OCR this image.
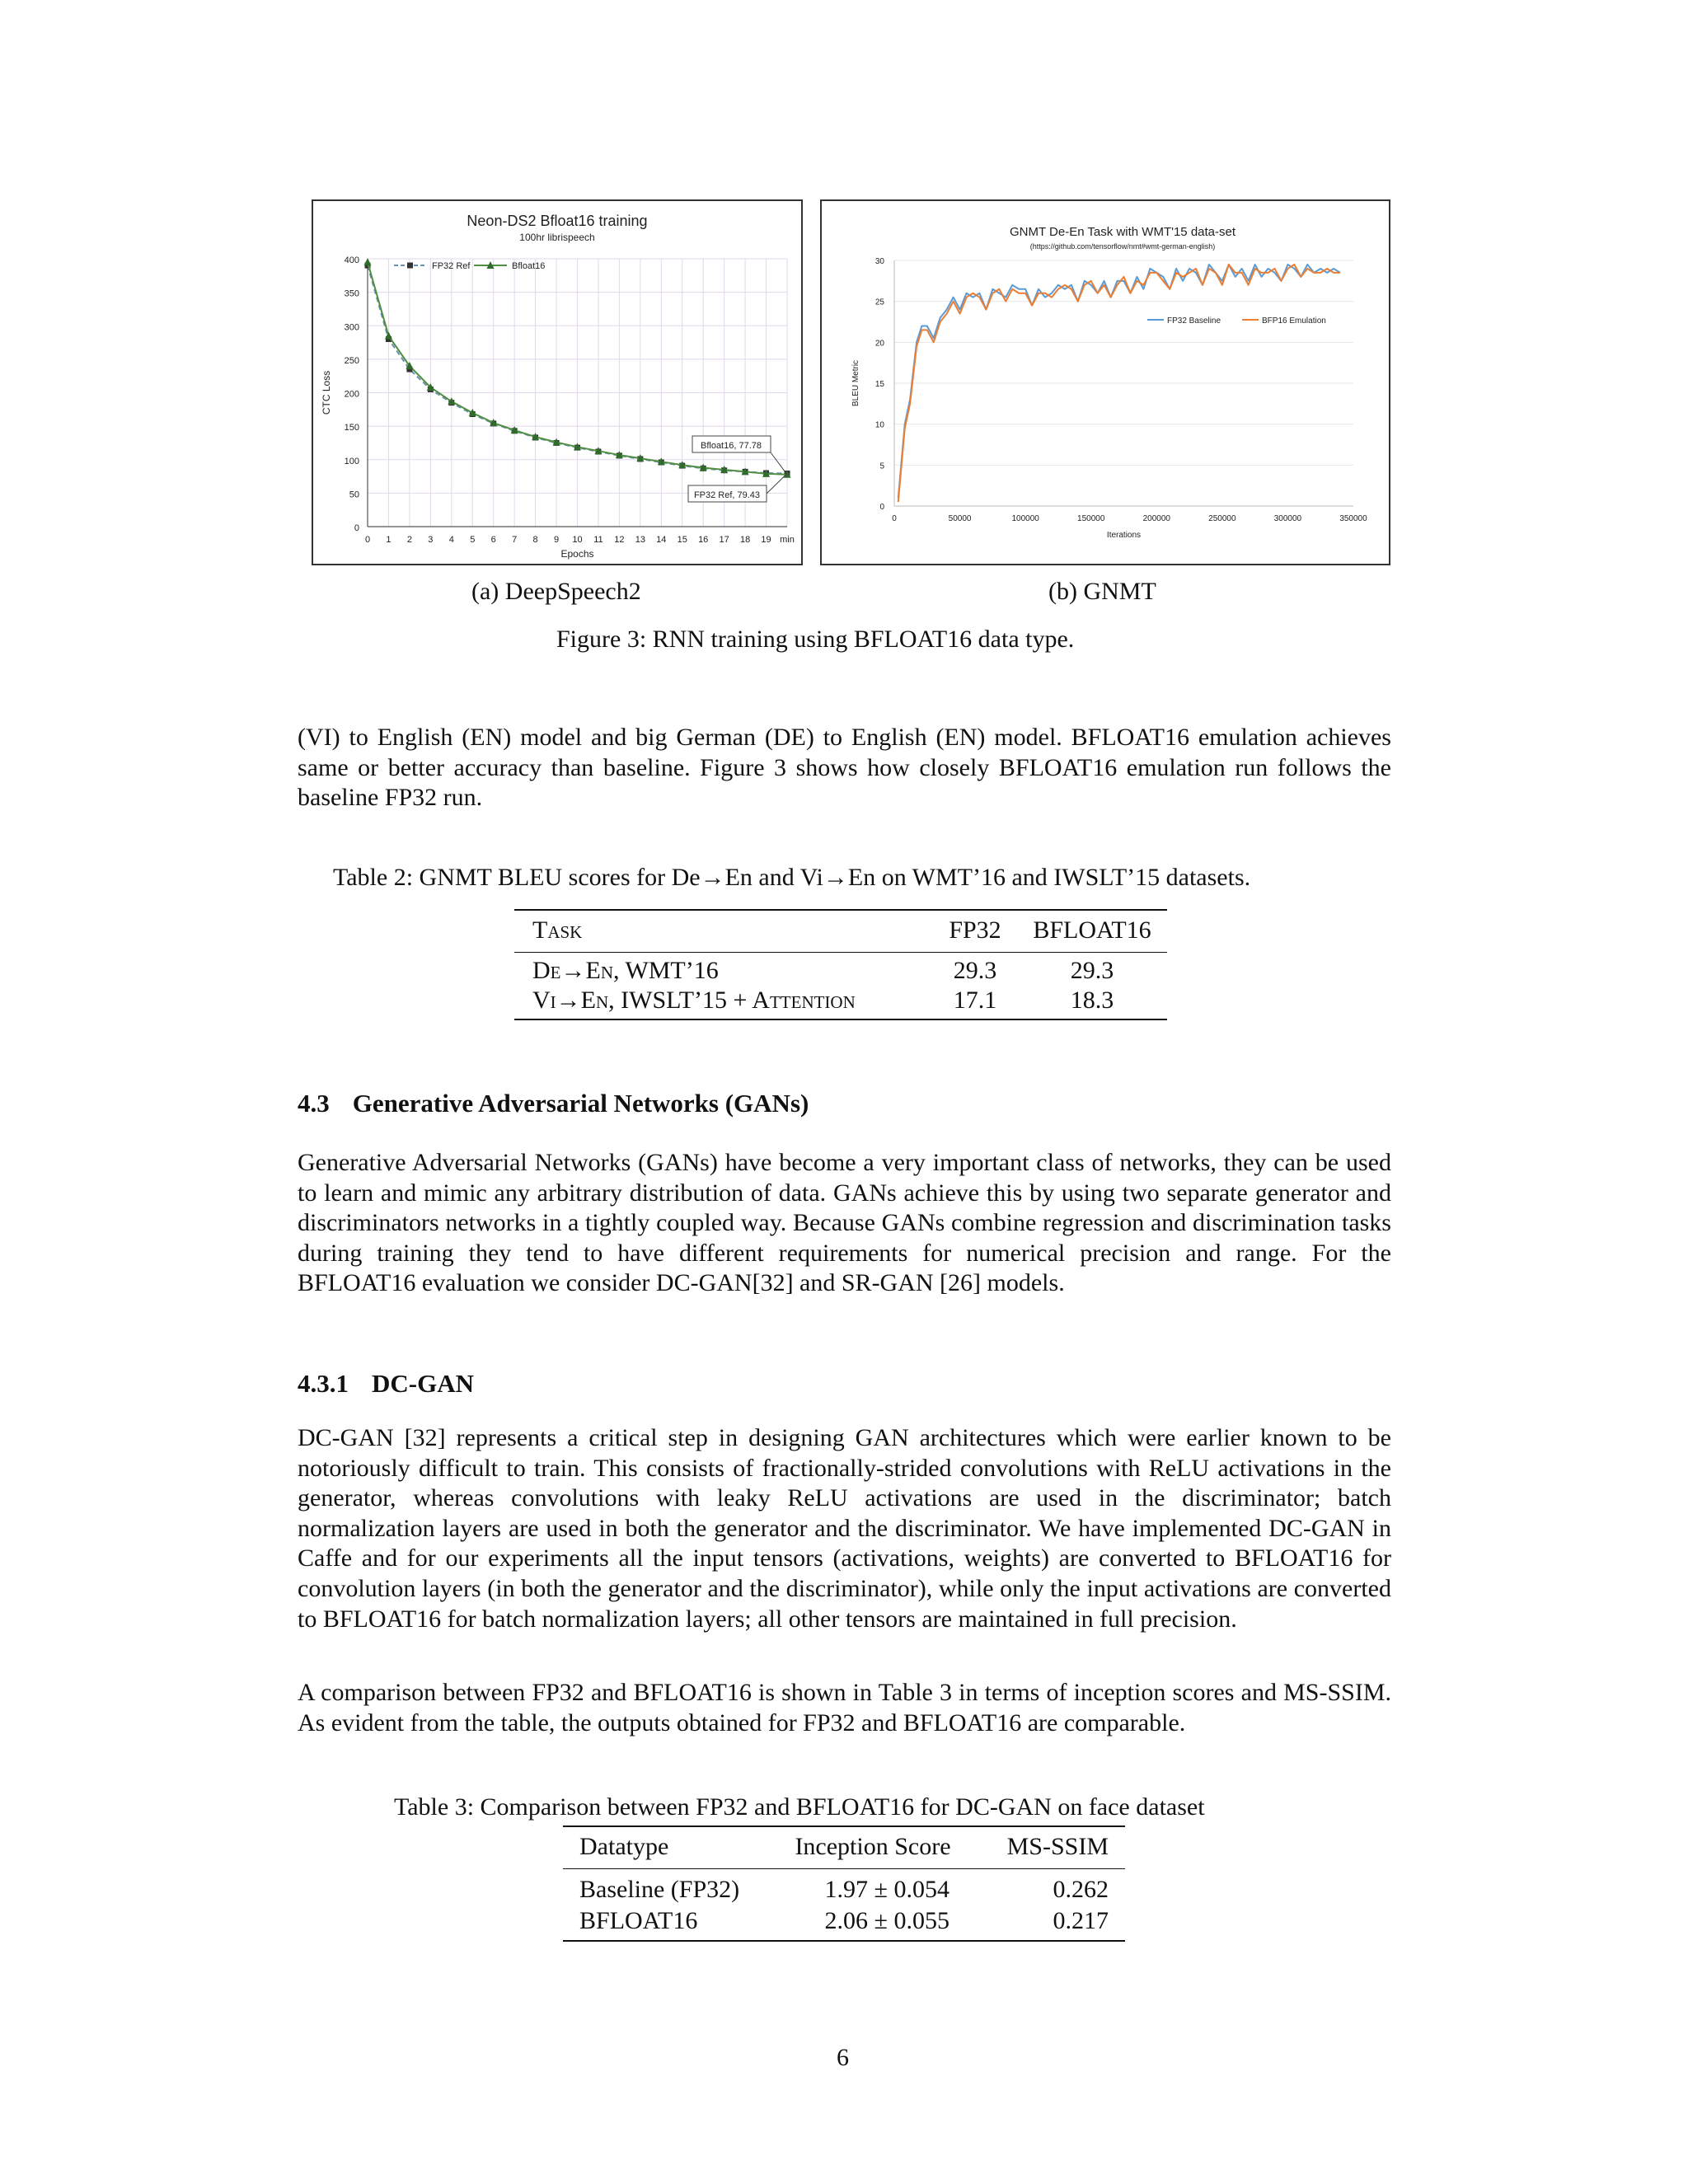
0
50
100
150
200
250
300
350
400
0 1 2 3 4 5 6 7 8 9 10 11 12 13 14 15 16 17 18 19 min
Neon-DS2 Bfloat16 training
100hr librispeech
Epochs
CTC Loss
FP32 Ref	Bfloat16
Bfloat16, 77.78
FP32 Ref, 79.43
0
5
10
15
20
25
30
0	50000	100000	150000	200000	250000	300000	350000
GNMT De-En Task with WMT'15 data-set
(https://github.com/tensorflow/nmt#wmt-german-english)
Iterations
BLEU Metric
FP32 Baseline	BFP16 Emulation
(a) DeepSpeech2	(b) GNMT
Figure 3: RNN training using BFLOAT16 data type.

(VI) to English (EN) model and big German (DE) to English (EN) model. BFLOAT16 emulation achieves same or better accuracy than baseline. Figure 3 shows how closely BFLOAT16 emulation run follows the baseline FP32 run.

Table 2: GNMT BLEU scores for De→En and Vi→En on WMT’16 and IWSLT’15 datasets.
Task	FP32	BFLOAT16
De→En, WMT’16	29.3	29.3
Vi→En, IWSLT’15 + Attention	17.1	18.3
4.3 Generative Adversarial Networks (GANs)

Generative Adversarial Networks (GANs) have become a very important class of networks, they can be used to learn and mimic any arbitrary distribution of data. GANs achieve this by using two separate generator and discriminators networks in a tightly coupled way. Because GANs combine regression and discrimination tasks during training they tend to have different requirements for numerical precision and range. For the BFLOAT16 evaluation we consider DC-GAN[32] and SR-GAN [26] models.

4.3.1 DC-GAN

DC-GAN [32] represents a critical step in designing GAN architectures which were earlier known to be notoriously difficult to train. This consists of fractionally-strided convolutions with ReLU activations in the generator, whereas convolutions with leaky ReLU activations are used in the discriminator; batch normalization layers are used in both the generator and the discriminator. We have implemented DC-GAN in Caffe and for our experiments all the input tensors (activations, weights) are converted to BFLOAT16 for convolution layers (in both the generator and the discriminator), while only the input activations are converted to BFLOAT16 for batch normalization layers; all other tensors are maintained in full precision.

A comparison between FP32 and BFLOAT16 is shown in Table 3 in terms of inception scores and MS-SSIM. As evident from the table, the outputs obtained for FP32 and BFLOAT16 are comparable.

Table 3: Comparison between FP32 and BFLOAT16 for DC-GAN on face dataset
Datatype	Inception Score	MS-SSIM
Baseline (FP32)	1.97 ± 0.054	0.262
BFLOAT16	2.06 ± 0.055	0.217
6
